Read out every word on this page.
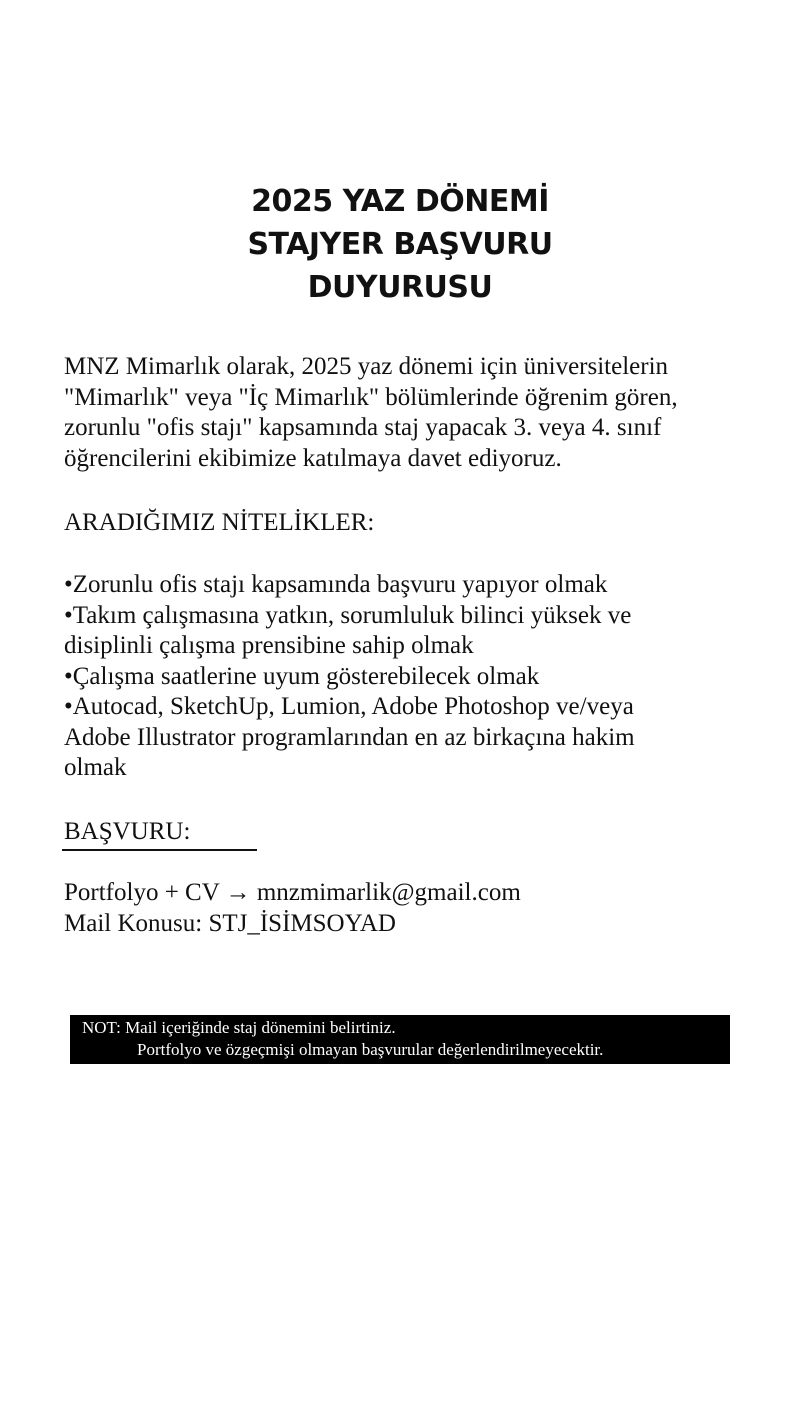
2025 YAZ DÖNEMİ
STAJYER BAŞVURU
DUYURUSU

MNZ Mimarlık olarak, 2025 yaz dönemi için üniversitelerin
"Mimarlık" veya "İç Mimarlık" bölümlerinde öğrenim gören,
zorunlu "ofis stajı" kapsamında staj yapacak 3. veya 4. sınıf
öğrencilerini ekibimize katılmaya davet ediyoruz.

ARADIĞIMIZ NİTELİKLER:
•Zorunlu ofis stajı kapsamında başvuru yapıyor olmak
•Takım çalışmasına yatkın, sorumluluk bilinci yüksek ve
disiplinli çalışma prensibine sahip olmak
•Çalışma saatlerine uyum gösterebilecek olmak
•Autocad, SketchUp, Lumion, Adobe Photoshop ve/veya
Adobe Illustrator programlarından en az birkaçına hakim
olmak
BAŞVURU:
Portfolyo + CV → mnzmimarlik@gmail.com
Mail Konusu: STJ_İSİMSOYAD
NOT: Mail içeriğinde staj dönemini belirtiniz.
Portfolyo ve özgeçmişi olmayan başvurular değerlendirilmeyecektir.
